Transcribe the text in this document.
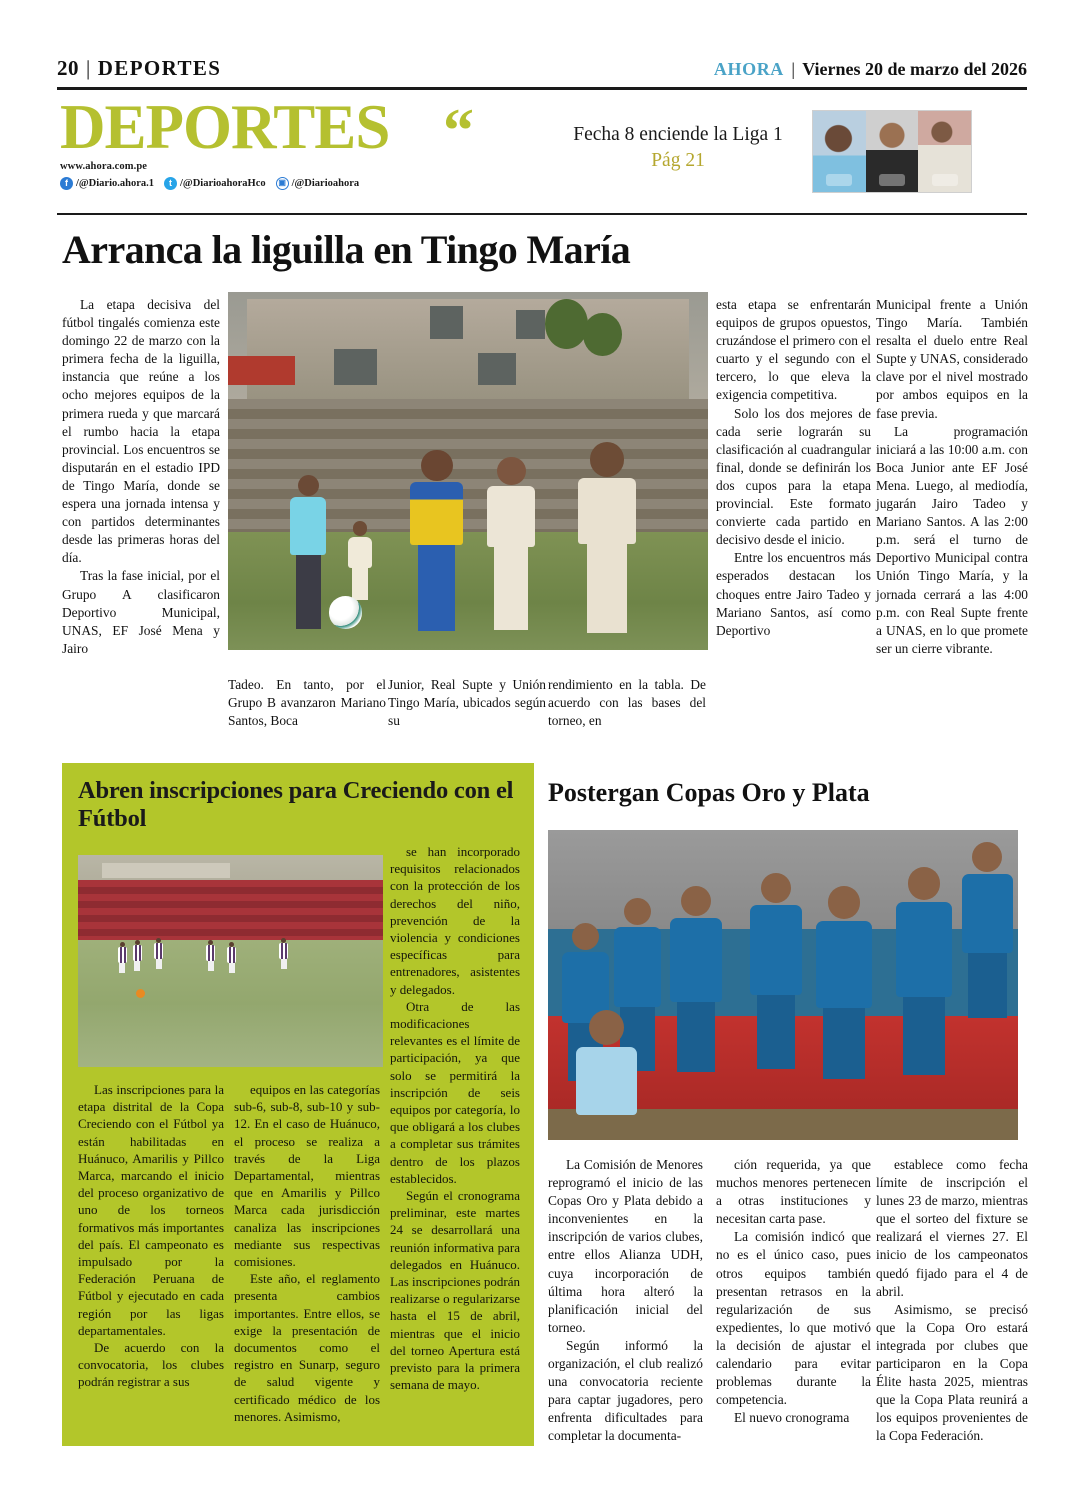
20 | DEPORTES	AHORA | Viernes 20 de marzo del 2026
DEPORTES
www.ahora.com.pe
f /@Diario.ahora.1	t /@DiarioahoraHco	▣ /@Diarioahora
“	Fecha 8 enciende la Liga 1
Pág 21
Arranca la liguilla en Tingo María

La etapa decisiva del fútbol tingalés comienza este domingo 22 de marzo con la primera fecha de la liguilla, instancia que reúne a los ocho mejores equipos de la primera rueda y que marcará el rumbo hacia la etapa provincial. Los encuentros se disputarán en el estadio IPD de Tingo María, donde se espera una jornada intensa y con partidos determinantes desde las primeras horas del día.

Tras la fase inicial, por el Grupo A clasificaron Deportivo Municipal, UNAS, EF José Mena y Jairo

Tadeo. En tanto, por el Grupo B avanzaron Mariano Santos, Boca

Junior, Real Supte y Unión Tingo María, ubicados según su

rendimiento en la tabla. De acuerdo con las bases del torneo, en

esta etapa se enfrentarán equipos de grupos opuestos, cruzándose el primero con el cuarto y el segundo con el tercero, lo que eleva la exigencia competitiva.

Solo los dos mejores de cada serie lograrán su clasificación al cuadrangular final, donde se definirán los dos cupos para la etapa provincial. Este formato convierte cada partido en decisivo desde el inicio.

Entre los encuentros más esperados destacan los choques entre Jairo Tadeo y Mariano Santos, así como Deportivo

Municipal frente a Unión Tingo María. También resalta el duelo entre Real Supte y UNAS, considerado clave por el nivel mostrado por ambos equipos en la fase previa.

La programación iniciará a las 10:00 a.m. con Boca Junior ante EF José Mena. Luego, al mediodía, jugarán Jairo Tadeo y Mariano Santos. A las 2:00 p.m. será el turno de Deportivo Municipal contra Unión Tingo María, y la jornada cerrará a las 4:00 p.m. con Real Supte frente a UNAS, en lo que promete ser un cierre vibrante.

Abren inscripciones para Creciendo con el Fútbol

Las inscripciones para la etapa distrital de la Copa Creciendo con el Fútbol ya están habilitadas en Huánuco, Amarilis y Pillco Marca, marcando el inicio del proceso organizativo de uno de los torneos formativos más importantes del país. El campeonato es impulsado por la Federación Peruana de Fútbol y ejecutado en cada región por las ligas departamentales.

De acuerdo con la convocatoria, los clubes podrán registrar a sus

equipos en las categorías sub-6, sub-8, sub-10 y sub-12. En el caso de Huánuco, el proceso se realiza a través de la Liga Departamental, mientras que en Amarilis y Pillco Marca cada jurisdicción canaliza las inscripciones mediante sus respectivas comisiones.

Este año, el reglamento presenta cambios importantes. Entre ellos, se exige la presentación de documentos como el registro en Sunarp, seguro de salud vigente y certificado médico de los menores. Asimismo,

se han incorporado requisitos relacionados con la protección de los derechos del niño, prevención de la violencia y condiciones específicas para entrenadores, asistentes y delegados.

Otra de las modificaciones relevantes es el límite de participación, ya que solo se permitirá la inscripción de seis equipos por categoría, lo que obligará a los clubes a completar sus trámites dentro de los plazos establecidos.

Según el cronograma preliminar, este martes 24 se desarrollará una reunión informativa para delegados en Huánuco. Las inscripciones podrán realizarse o regularizarse hasta el 15 de abril, mientras que el inicio del torneo Apertura está previsto para la primera semana de mayo.

Postergan Copas Oro y Plata

La Comisión de Menores reprogramó el inicio de las Copas Oro y Plata debido a inconvenientes en la inscripción de varios clubes, entre ellos Alianza UDH, cuya incorporación de última hora alteró la planificación inicial del torneo.

Según informó la organización, el club realizó una convocatoria reciente para captar jugadores, pero enfrenta dificultades para completar la documenta-

ción requerida, ya que muchos menores pertenecen a otras instituciones y necesitan carta pase.

La comisión indicó que no es el único caso, pues otros equipos también presentan retrasos en la regularización de sus expedientes, lo que motivó la decisión de ajustar el calendario para evitar problemas durante la competencia.

El nuevo cronograma

establece como fecha límite de inscripción el lunes 23 de marzo, mientras que el sorteo del fixture se realizará el viernes 27. El inicio de los campeonatos quedó fijado para el 4 de abril.

Asimismo, se precisó que la Copa Oro estará integrada por clubes que participaron en la Copa Élite hasta 2025, mientras que la Copa Plata reunirá a los equipos provenientes de la Copa Federación.
